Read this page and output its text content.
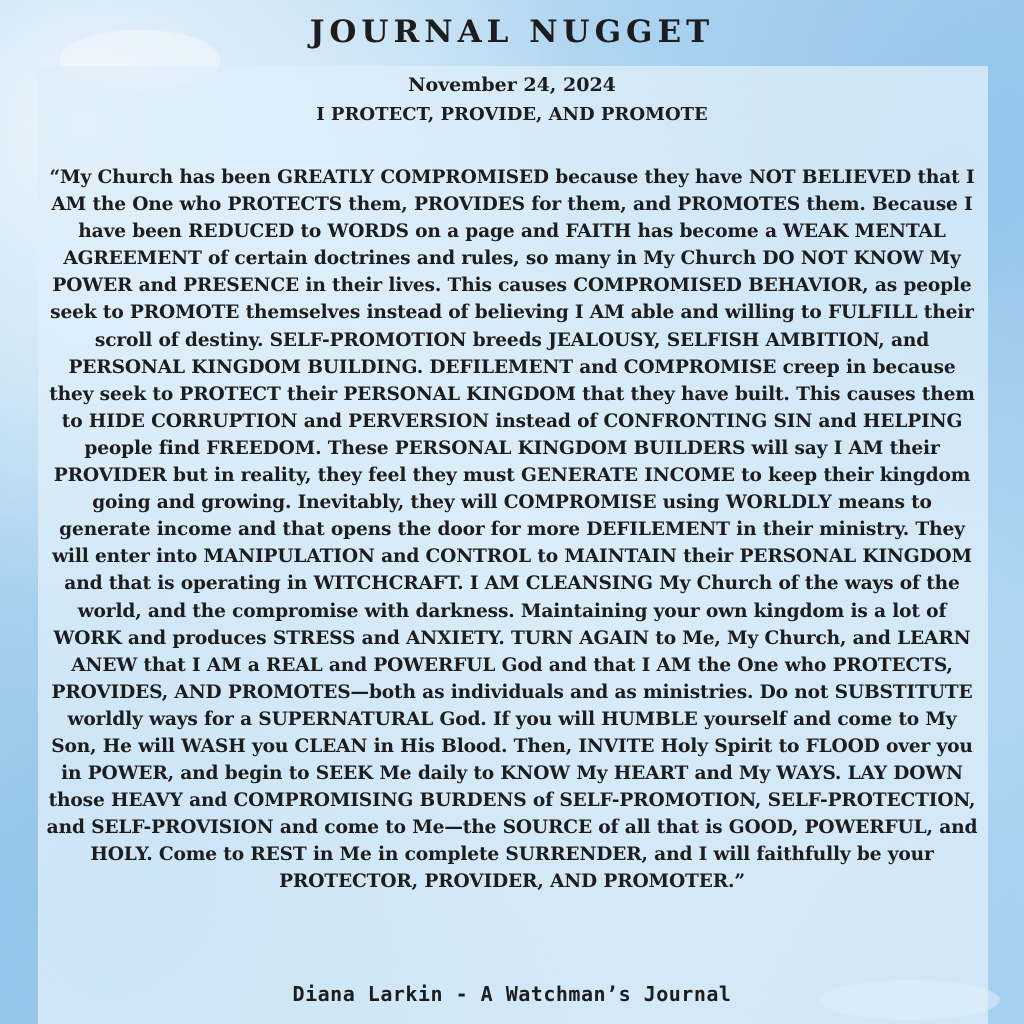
JOURNAL NUGGET
November 24, 2024
I PROTECT, PROVIDE, AND PROMOTE
“My Church has been GREATLY COMPROMISED because they have NOT BELIEVED that I AM the One who PROTECTS them, PROVIDES for them, and PROMOTES them. Because I have been REDUCED to WORDS on a page and FAITH has become a WEAK MENTAL AGREEMENT of certain doctrines and rules, so many in My Church DO NOT KNOW My POWER and PRESENCE in their lives. This causes COMPROMISED BEHAVIOR, as people seek to PROMOTE themselves instead of believing I AM able and willing to FULFILL their scroll of destiny. SELF-PROMOTION breeds JEALOUSY, SELFISH AMBITION, and PERSONAL KINGDOM BUILDING. DEFILEMENT and COMPROMISE creep in because they seek to PROTECT their PERSONAL KINGDOM that they have built. This causes them to HIDE CORRUPTION and PERVERSION instead of CONFRONTING SIN and HELPING people find FREEDOM. These PERSONAL KINGDOM BUILDERS will say I AM their PROVIDER but in reality, they feel they must GENERATE INCOME to keep their kingdom going and growing. Inevitably, they will COMPROMISE using WORLDLY means to generate income and that opens the door for more DEFILEMENT in their ministry. They will enter into MANIPULATION and CONTROL to MAINTAIN their PERSONAL KINGDOM and that is operating in WITCHCRAFT. I AM CLEANSING My Church of the ways of the world, and the compromise with darkness. Maintaining your own kingdom is a lot of WORK and produces STRESS and ANXIETY. TURN AGAIN to Me, My Church, and LEARN ANEW that I AM a REAL and POWERFUL God and that I AM the One who PROTECTS, PROVIDES, AND PROMOTES—both as individuals and as ministries. Do not SUBSTITUTE worldly ways for a SUPERNATURAL God. If you will HUMBLE yourself and come to My Son, He will WASH you CLEAN in His Blood. Then, INVITE Holy Spirit to FLOOD over you in POWER, and begin to SEEK Me daily to KNOW My HEART and My WAYS. LAY DOWN those HEAVY and COMPROMISING BURDENS of SELF-PROMOTION, SELF-PROTECTION, and SELF-PROVISION and come to Me—the SOURCE of all that is GOOD, POWERFUL, and HOLY. Come to REST in Me in complete SURRENDER, and I will faithfully be your PROTECTOR, PROVIDER, AND PROMOTER.”
Diana Larkin - A Watchman’s Journal
